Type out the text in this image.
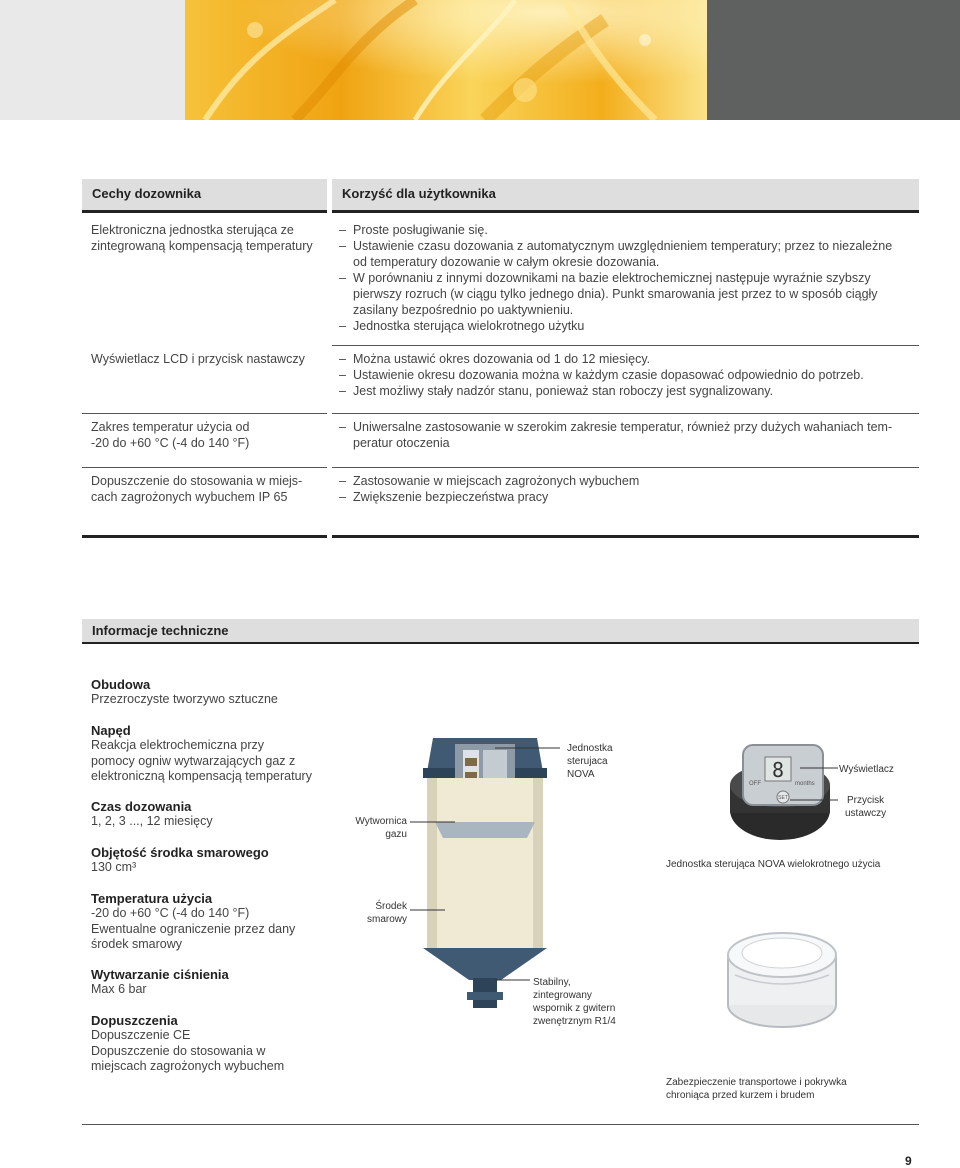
Cechy dozownika	Korzyść dla użytkownika
Elektroniczna jednostka sterująca ze
zintegrowaną kompensacją temperatury
– Proste posługiwanie się.
– Ustawienie czasu dozowania z automatycznym uwzględnieniem temperatury; przez to niezależne
od temperatury dozowanie w całym okresie dozowania.
– W porównaniu z innymi dozownikami na bazie elektrochemicznej następuje wyraźnie szybszy
pierwszy rozruch (w ciągu tylko jednego dnia). Punkt smarowania jest przez to w sposób ciągły
zasilany bezpośrednio po uaktywnieniu.
– Jednostka sterująca wielokrotnego użytku
Wyświetlacz LCD i przycisk nastawczy
–	Można ustawić okres dozowania od 1 do 12 miesięcy.
– Ustawienie okresu dozowania można w każdym czasie dopasować odpowiednio do potrzeb.
– Jest możliwy stały nadzór stanu, ponieważ stan roboczy jest sygnalizowany.
Zakres temperatur użycia od
-20 do +60 °C (-4 do 140 °F)
– Uniwersalne zastosowanie w szerokim zakresie temperatur, również przy dużych wahaniach tem-
peratur otoczenia
Dopuszczenie do stosowania w miejs-
cach zagrożonych wybuchem IP 65
– Zastosowanie w miejscach zagrożonych wybuchem
– Zwiększenie bezpieczeństwa pracy
Informacje techniczne
Obudowa
Przezroczyste tworzywo sztuczne
Napęd
Reakcja elektrochemiczna przy
pomocy ogniw wytwarzających gaz z
elektroniczną kompensacją temperatury
Czas dozowania
1, 2, 3 ..., 12 miesięcy
Objętość środka smarowego
130 cm³
Temperatura użycia
-20 do +60 °C (-4 do 140 °F)
Ewentualne ograniczenie przez dany
środek smarowy
Wytwarzanie ciśnienia
Max 6 bar
Dopuszczenia
Dopuszczenie CE
Dopuszczenie do stosowania w
miejscach zagrożonych wybuchem
Jednostka
sterujaca
NOVA
Wytwornica
gazu
Środek
smarowy
Stabilny,
zintegrowany
wspornik z gwitern
zwenętrznym R1/4
8
OFF	months
SET
Wyświetlacz
Przycisk
ustawczy
Jednostka sterująca NOVA wielokrotnego użycia
Zabezpieczenie transportowe i pokrywka
chroniąca przed kurzem i brudem
9
